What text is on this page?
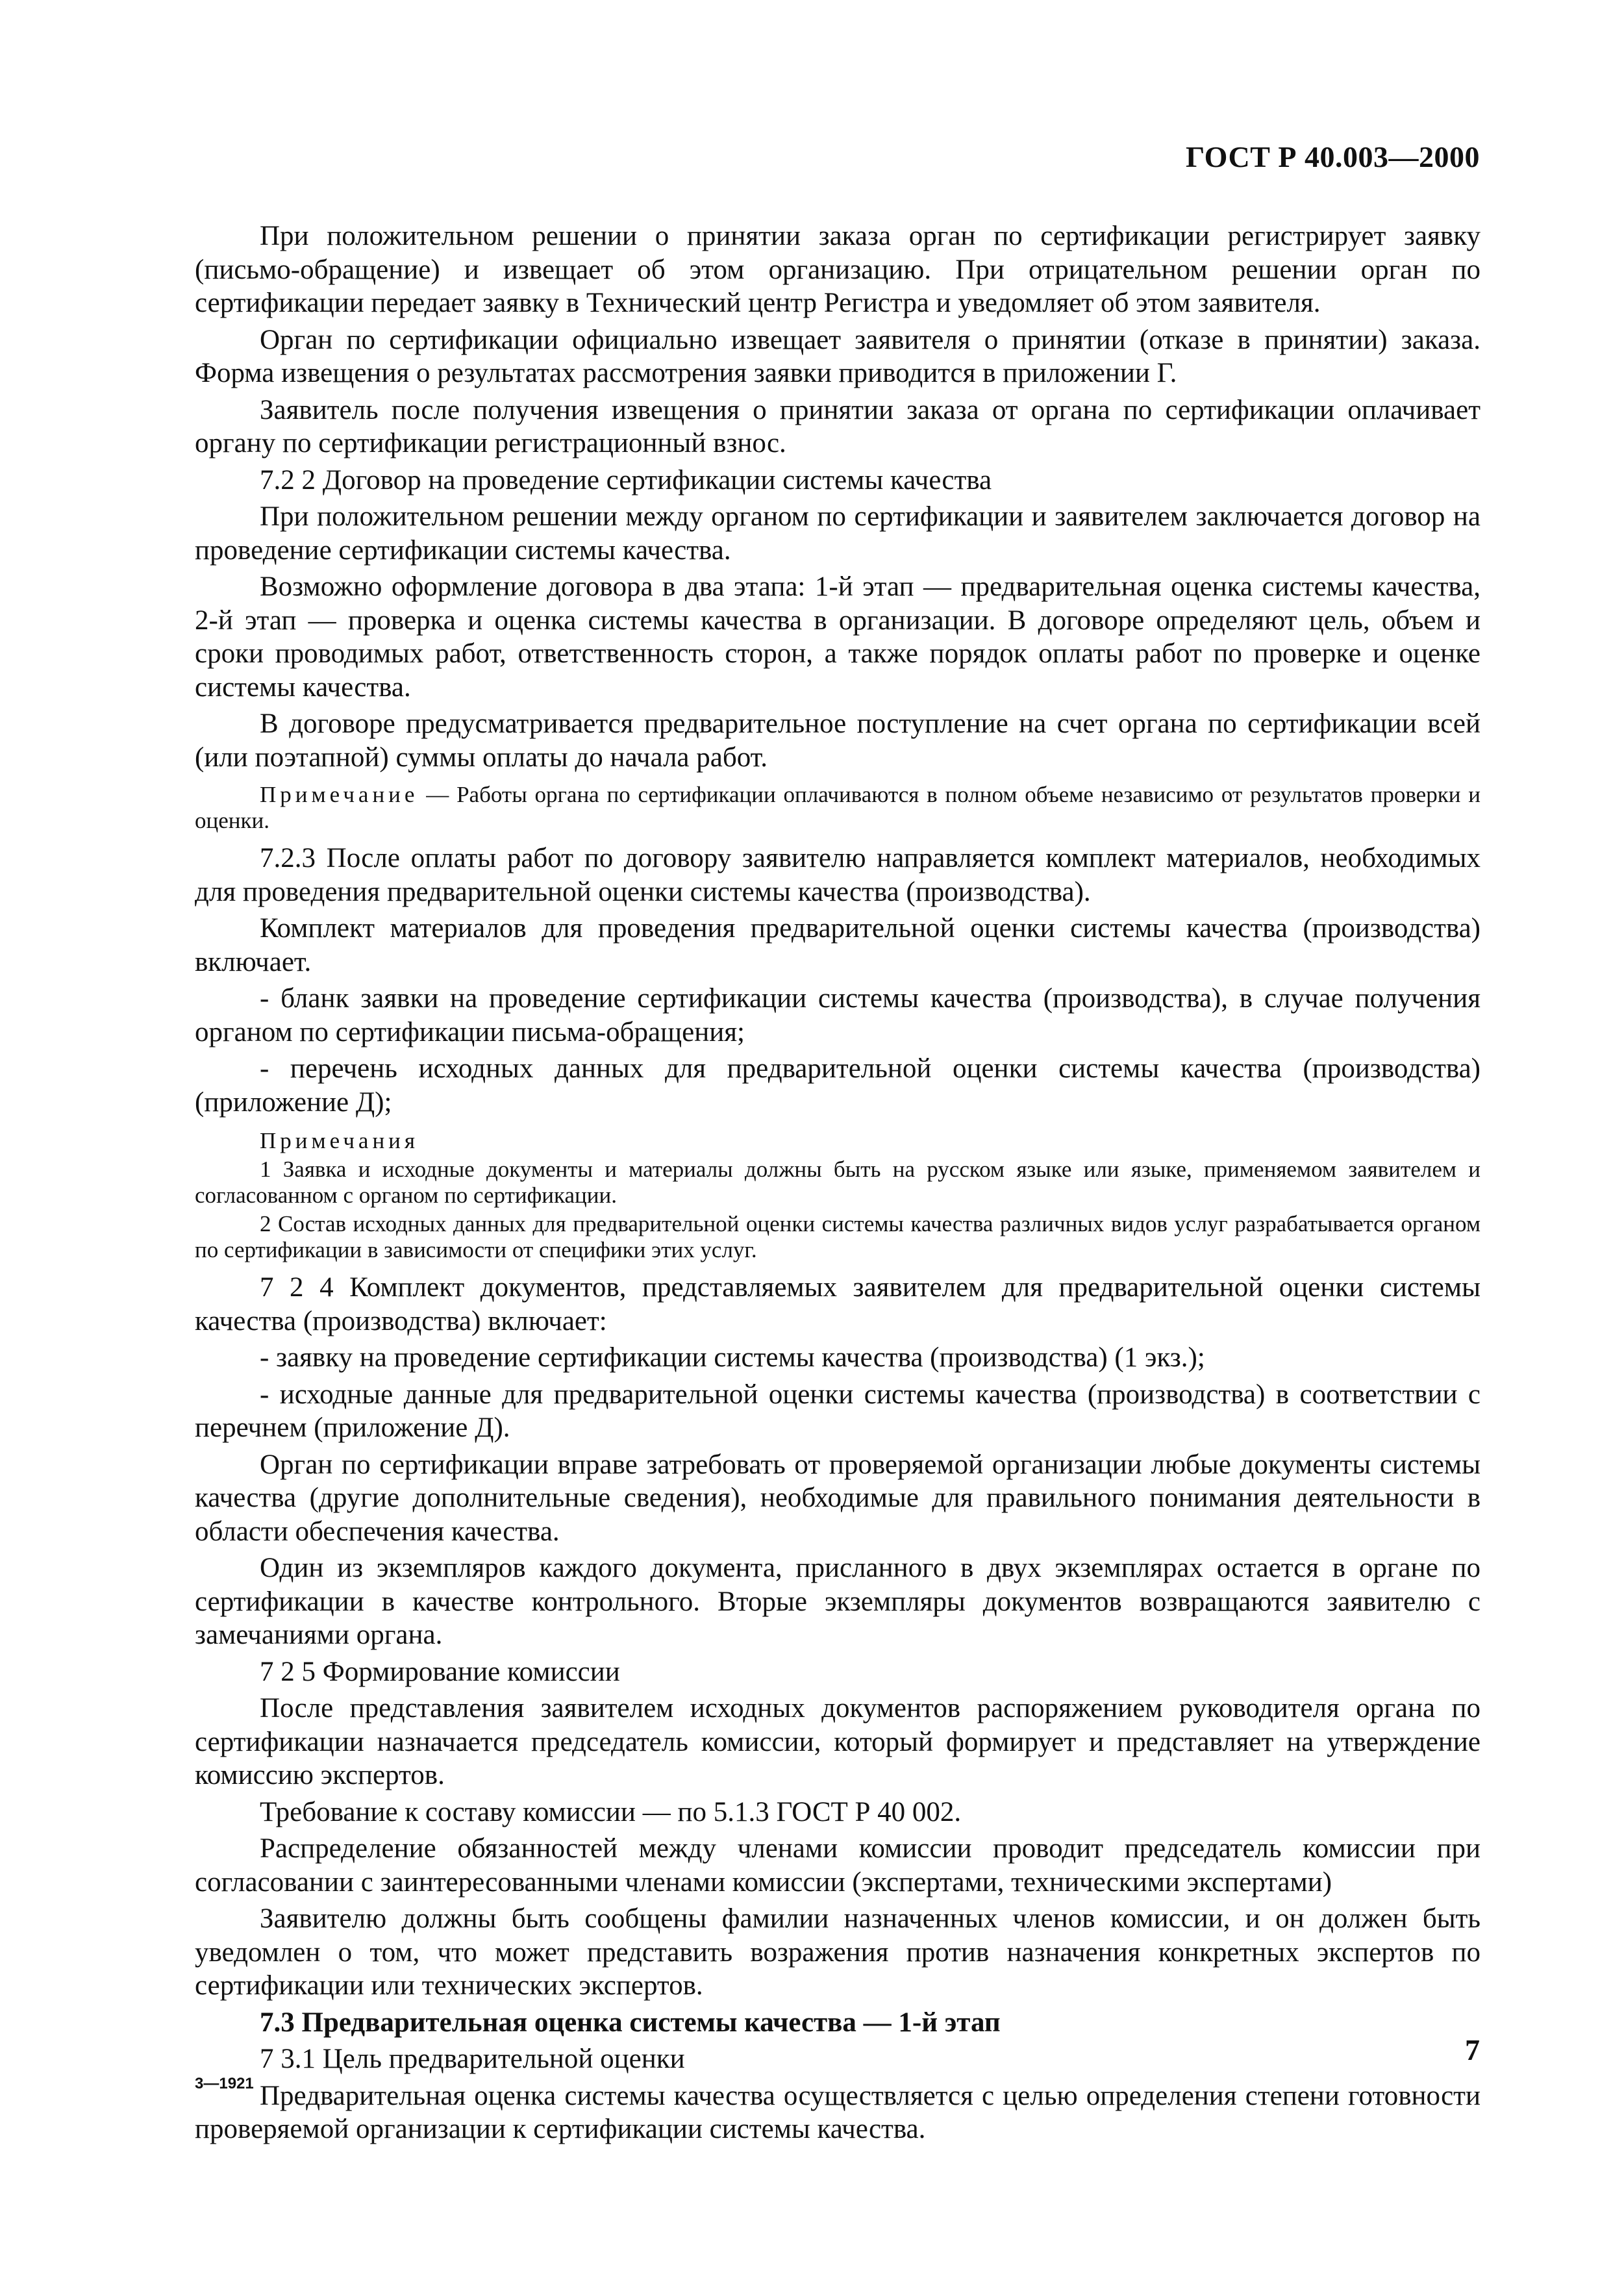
ГОСТ Р 40.003—2000

При положительном решении о принятии заказа орган по сертификации регистрирует заявку (письмо-обращение) и извещает об этом организацию. При отрицательном решении орган по сертификации передает заявку в Технический центр Регистра и уведомляет об этом заявителя.

Орган по сертификации официально извещает заявителя о принятии (отказе в принятии) заказа. Форма извещения о результатах рассмотрения заявки приводится в приложении Г.

Заявитель после получения извещения о принятии заказа от органа по сертификации оплачивает органу по сертификации регистрационный взнос.

7.2 2 Договор на проведение сертификации системы качества

При положительном решении между органом по сертификации и заявителем заключается договор на проведение сертификации системы качества.

Возможно оформление договора в два этапа: 1-й этап — предварительная оценка системы качества, 2-й этап — проверка и оценка системы качества в организации. В договоре определяют цель, объем и сроки проводимых работ, ответственность сторон, а также порядок оплаты работ по проверке и оценке системы качества.

В договоре предусматривается предварительное поступление на счет органа по сертификации всей (или поэтапной) суммы оплаты до начала работ.

Примечание — Работы органа по сертификации оплачиваются в полном объеме независимо от результатов проверки и оценки.

7.2.3 После оплаты работ по договору заявителю направляется комплект материалов, необходимых для проведения предварительной оценки системы качества (производства).

Комплект материалов для проведения предварительной оценки системы качества (производства) включает.

- бланк заявки на проведение сертификации системы качества (производства), в случае получения органом по сертификации письма-обращения;

- перечень исходных данных для предварительной оценки системы качества (производства) (приложение Д);

Примечания

1 Заявка и исходные документы и материалы должны быть на русском языке или языке, применяемом заявителем и согласованном с органом по сертификации.

2 Состав исходных данных для предварительной оценки системы качества различных видов услуг разрабатывается органом по сертификации в зависимости от специфики этих услуг.

7 2 4 Комплект документов, представляемых заявителем для предварительной оценки системы качества (производства) включает:

- заявку на проведение сертификации системы качества (производства) (1 экз.);

- исходные данные для предварительной оценки системы качества (производства) в соответствии с перечнем (приложение Д).

Орган по сертификации вправе затребовать от проверяемой организации любые документы системы качества (другие дополнительные сведения), необходимые для правильного понимания деятельности в области обеспечения качества.

Один из экземпляров каждого документа, присланного в двух экземплярах остается в органе по сертификации в качестве контрольного. Вторые экземпляры документов возвращаются заявителю с замечаниями органа.

7 2 5 Формирование комиссии

После представления заявителем исходных документов распоряжением руководителя органа по сертификации назначается председатель комиссии, который формирует и представляет на утверждение комиссию экспертов.

Требование к составу комиссии — по 5.1.3 ГОСТ Р 40 002.

Распределение обязанностей между членами комиссии проводит председатель комиссии при согласовании с заинтересованными членами комиссии (экспертами, техническими экспертами)

Заявителю должны быть сообщены фамилии назначенных членов комиссии, и он должен быть уведомлен о том, что может представить возражения против назначения конкретных экспертов по сертификации или технических экспертов.

7.3 Предварительная оценка системы качества — 1-й этап

7 3.1 Цель предварительной оценки

Предварительная оценка системы качества осуществляется с целью определения степени готовности проверяемой организации к сертификации системы качества.

7
3—1921
